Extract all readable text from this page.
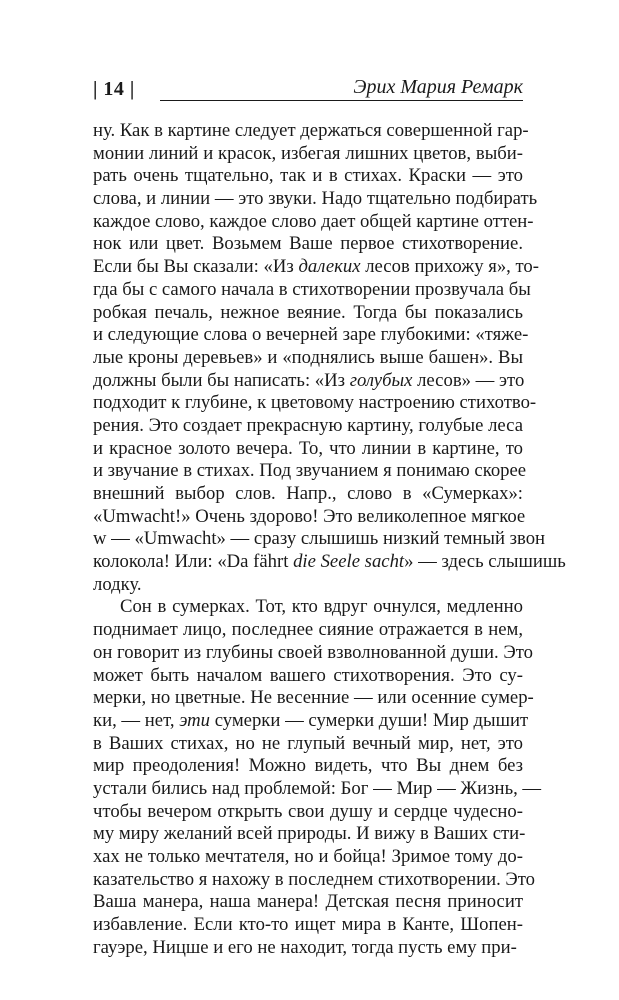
| 14 |	Эрих Мария Ремарк
ну. Как в картине следует держаться совершенной гар-
монии линий и красок, избегая лишних цветов, выби-
рать очень тщательно, так и в стихах. Краски — это
слова, и линии — это звуки. Надо тщательно подбирать
каждое слово, каждое слово дает общей картине оттен-
нок или цвет. Возьмем Ваше первое стихотворение.
Если бы Вы сказали: «Из далеких лесов прихожу я», то-
гда бы с самого начала в стихотворении прозвучала бы
робкая печаль, нежное веяние. Тогда бы показались
и следующие слова о вечерней заре глубокими: «тяже-
лые кроны деревьев» и «поднялись выше башен». Вы
должны были бы написать: «Из голубых лесов» — это
подходит к глубине, к цветовому настроению стихотво-
рения. Это создает прекрасную картину, голубые леса
и красное золото вечера. То, что линии в картине, то
и звучание в стихах. Под звучанием я понимаю скорее
внешний выбор слов. Напр., слово в «Сумерках»:
«Umwacht!» Очень здорово! Это великолепное мягкое
w — «Umwacht» — сразу слышишь низкий темный звон
колокола! Или: «Da fährt die Seele sacht» — здесь слышишь
лодку.
Сон в сумерках. Тот, кто вдруг очнулся, медленно
поднимает лицо, последнее сияние отражается в нем,
он говорит из глубины своей взволнованной души. Это
может быть началом вашего стихотворения. Это су-
мерки, но цветные. Не весенние — или осенние сумер-
ки, — нет, эти сумерки — сумерки души! Мир дышит
в Ваших стихах, но не глупый вечный мир, нет, это
мир преодоления! Можно видеть, что Вы днем без
устали бились над проблемой: Бог — Мир — Жизнь, —
чтобы вечером открыть свои душу и сердце чудесно-
му миру желаний всей природы. И вижу в Ваших сти-
хах не только мечтателя, но и бойца! Зримое тому до-
казательство я нахожу в последнем стихотворении. Это
Ваша манера, наша манера! Детская песня приносит
избавление. Если кто-то ищет мира в Канте, Шопен-
гауэре, Ницше и его не находит, тогда пусть ему при-
